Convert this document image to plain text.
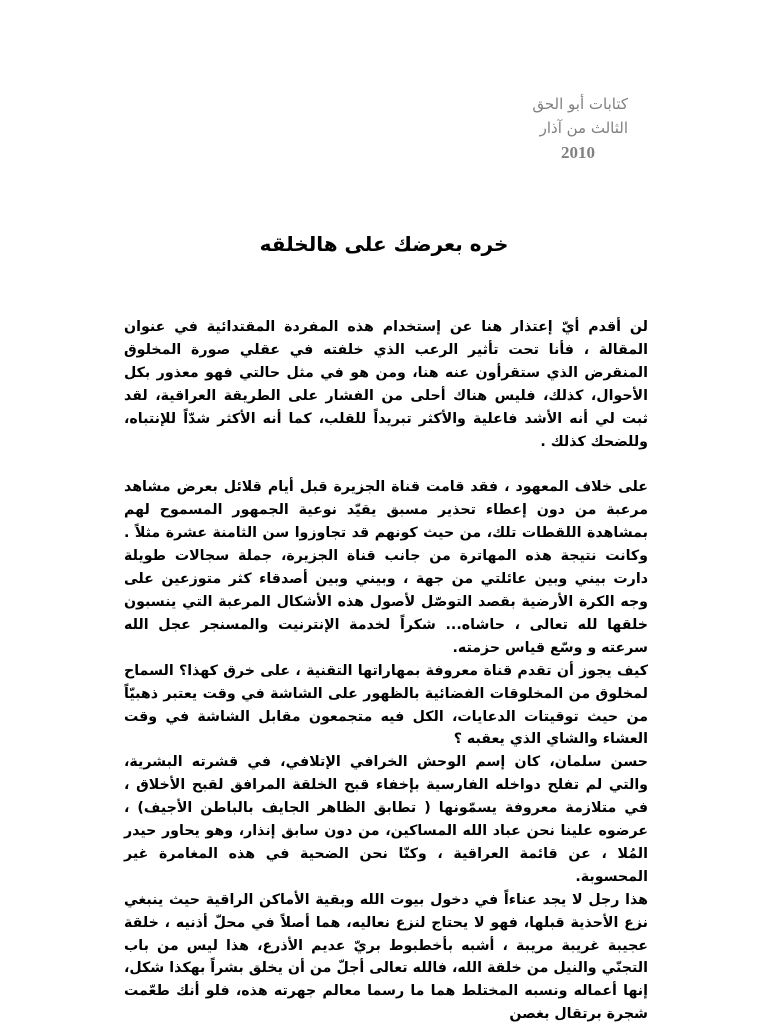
كتابات أبو الحق
الثالث من آذار
2010
خره بعرضك على هالخلقه

لن أقدم أيّ إعتذار هنا عن إستخدام هذه المفردة المقتدائية في عنوان المقالة ، فأنا تحت تأثير الرعب الذي خلفته في عقلي صورة المخلوق المنقرض الذي ستقرأون عنه هنا، ومن هو في مثل حالتي فهو معذور بكل الأحوال، كذلك، فليس هناك أحلى من الفشار على الطريقة العراقية، لقد ثبت لي أنه الأشد فاعلية والأكثر تبريداً للقلب، كما أنه الأكثر شدّاً للإنتباه، وللضحك كذلك .

على خلاف المعهود ، فقد قامت قناة الجزيرة قبل أيام قلائل بعرض مشاهد مرعبة من دون إعطاء تحذير مسبق يقيّد نوعية الجمهور المسموح لهم بمشاهدة اللقطات تلك، من حيث كونهم قد تجاوزوا سن الثامنة عشرة مثلاً . وكانت نتيجة هذه المهاترة من جانب قناة الجزيرة، جملة سجالات طويلة دارت بيني وبين عائلتي من جهة ، وبيني وبين أصدقاء كثر متوزعين على وجه الكرة الأرضية بقصد التوصّل لأصول هذه الأشكال المرعبة التي ينسبون خلقها لله تعالى ، حاشاه... شكراً لخدمة الإنترنيت والمسنجر عجل الله سرعته و وسّع قياس حزمته.

كيف يجوز أن تقدم قناة معروفة بمهاراتها التقنية ، على خرق كهذا؟ السماح لمخلوق من المخلوقات الفضائية بالظهور على الشاشة في وقت يعتبر ذهبيّاً من حيث توقيتات الدعايات، الكل فيه متجمعون مقابل الشاشة في وقت العشاء والشاي الذي يعقبه ؟

حسن سلمان، كان إسم الوحش الخرافي الإتلافي، في قشرته البشرية، والتي لم تفلح دواخله الفارسية بإخفاء قبح الخلقة المرافق لقبح الأخلاق ، في متلازمة معروفة يسمّونها ( تطابق الظاهر الجايف بالباطن الأجيف) ، عرضوه علينا نحن عباد الله المساكين، من دون سابق إنذار، وهو يحاور حيدر المُلا ، عن قائمة العراقية ، وكنّا نحن الضحية في هذه المغامرة غير المحسوبة.

هذا رجل لا يجد عناءاً في دخول بيوت الله وبقية الأماكن الراقية حيث ينبغي نزع الأحذية قبلها، فهو لا يحتاج لنزع نعاليه، هما أصلاً في محلّ أذنيه ، خلقة عجيبة غريبة مريبة ، أشبه بأخطبوط بريّ عديم الأذرع، هذا ليس من باب التجنّي والنيل من خلقة الله، فالله تعالى أجلّ من أن يخلق بشراً بهكذا شكل، إنها أعماله ونسبه المختلط هما ما رسما معالم جهرته هذه، فلو أنك طعّمت شجرة برتقال بغصن
